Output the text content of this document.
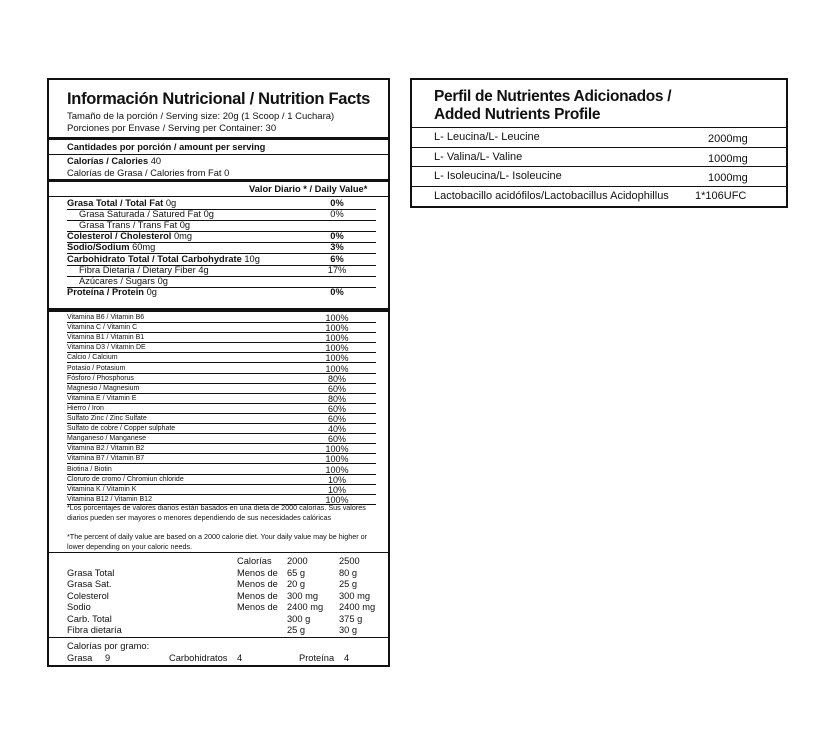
Información Nutricional / Nutrition Facts
Tamaño de la porción / Serving size: 20g (1 Scoop / 1 Cuchara)
Porciones por Envase / Serving per Container: 30
Cantidades por porción / amount per serving
Calorías / Calories 40
Calorías de Grasa / Calories from Fat 0
Valor Diario * / Daily Value*
Grasa Total / Total Fat 0g	0%
Grasa Saturada / Satured Fat 0g	0%
Grasa Trans / Trans Fat 0g
Colesterol / Cholesterol 0mg	0%
Sodio/Sodium 60mg	3%
Carbohidrato Total / Total Carbohydrate 10g	6%
Fibra Dietaria / Dietary Fiber 4g	17%
Azúcares / Sugars 0g
Proteína / Protein 0g	0%
Vitamina B6 / Vitamin B6	100%
Vitamina C / Vitamin C	100%
Vitamina B1 / Vitamin B1	100%
Vitamina D3 / Vitamin DE	100%
Calcio / Calcium	100%
Potasio / Potasium	100%
Fósforo / Phosphorus	80%
Magnesio / Magnesium	60%
Vitamina E / Vitamin E	80%
Hierro / Iron	60%
Sulfato Zinc / Zinc Sulfate	60%
Sulfato de cobre / Copper sulphate	40%
Manganeso / Manganese	60%
Vitamina B2 / Vitamin B2	100%
Vitamina B7 / Vitamin B7	100%
Biotina / Biotin	100%
Cloruro de cromo / Chromiun chloride	10%
Vitamina K / Vitamin K	10%
Vitamina B12 / Vitamin B12	100%
*Los porcentajes de valores diarios están basados en una dieta de 2000 calorías. Sus valores diarios pueden ser mayores o menores dependiendo de sus necesidades calóricas
*The percent of daily value are based on a 2000 calorie diet. Your daily value may be higher or lower depending on your caloric needs.
Calorías 2000	2500
Grasa Total	Menos de 65 g	80 g
Grasa Sat.	Menos de 20 g	25 g
Colesterol	Menos de 300 mg 300 mg
Sodio	Menos de 2400 mg 2400 mg
Carb. Total	300 g	375 g
Fibra dietaría	25 g	30 g
Calorías por gramo:
Grasa 9	Carbohidratos 4	Proteína 4
Perfil de Nutrientes Adicionados /
Added Nutrients Profile
L- Leucina/L- Leucine	2000mg
L- Valina/L- Valine	1000mg
L- Isoleucina/L- Isoleucine	1000mg
Lactobacillo acidófilos/Lactobacillus Acidophillus 1*106UFC
